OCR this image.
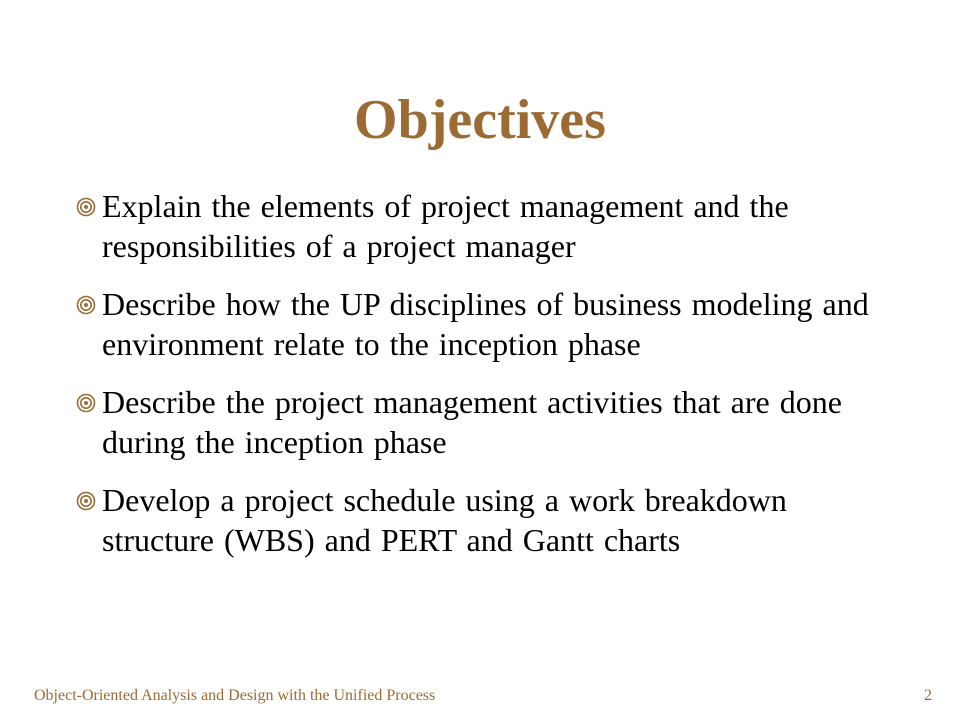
Objectives
Explain the elements of project management and the responsibilities of a project manager
Describe how the UP disciplines of business modeling and environment relate to the inception phase
Describe the project management activities that are done during the inception phase
Develop a project schedule using a work breakdown structure (WBS) and PERT and Gantt charts
Object-Oriented Analysis and Design with the Unified Process	2
